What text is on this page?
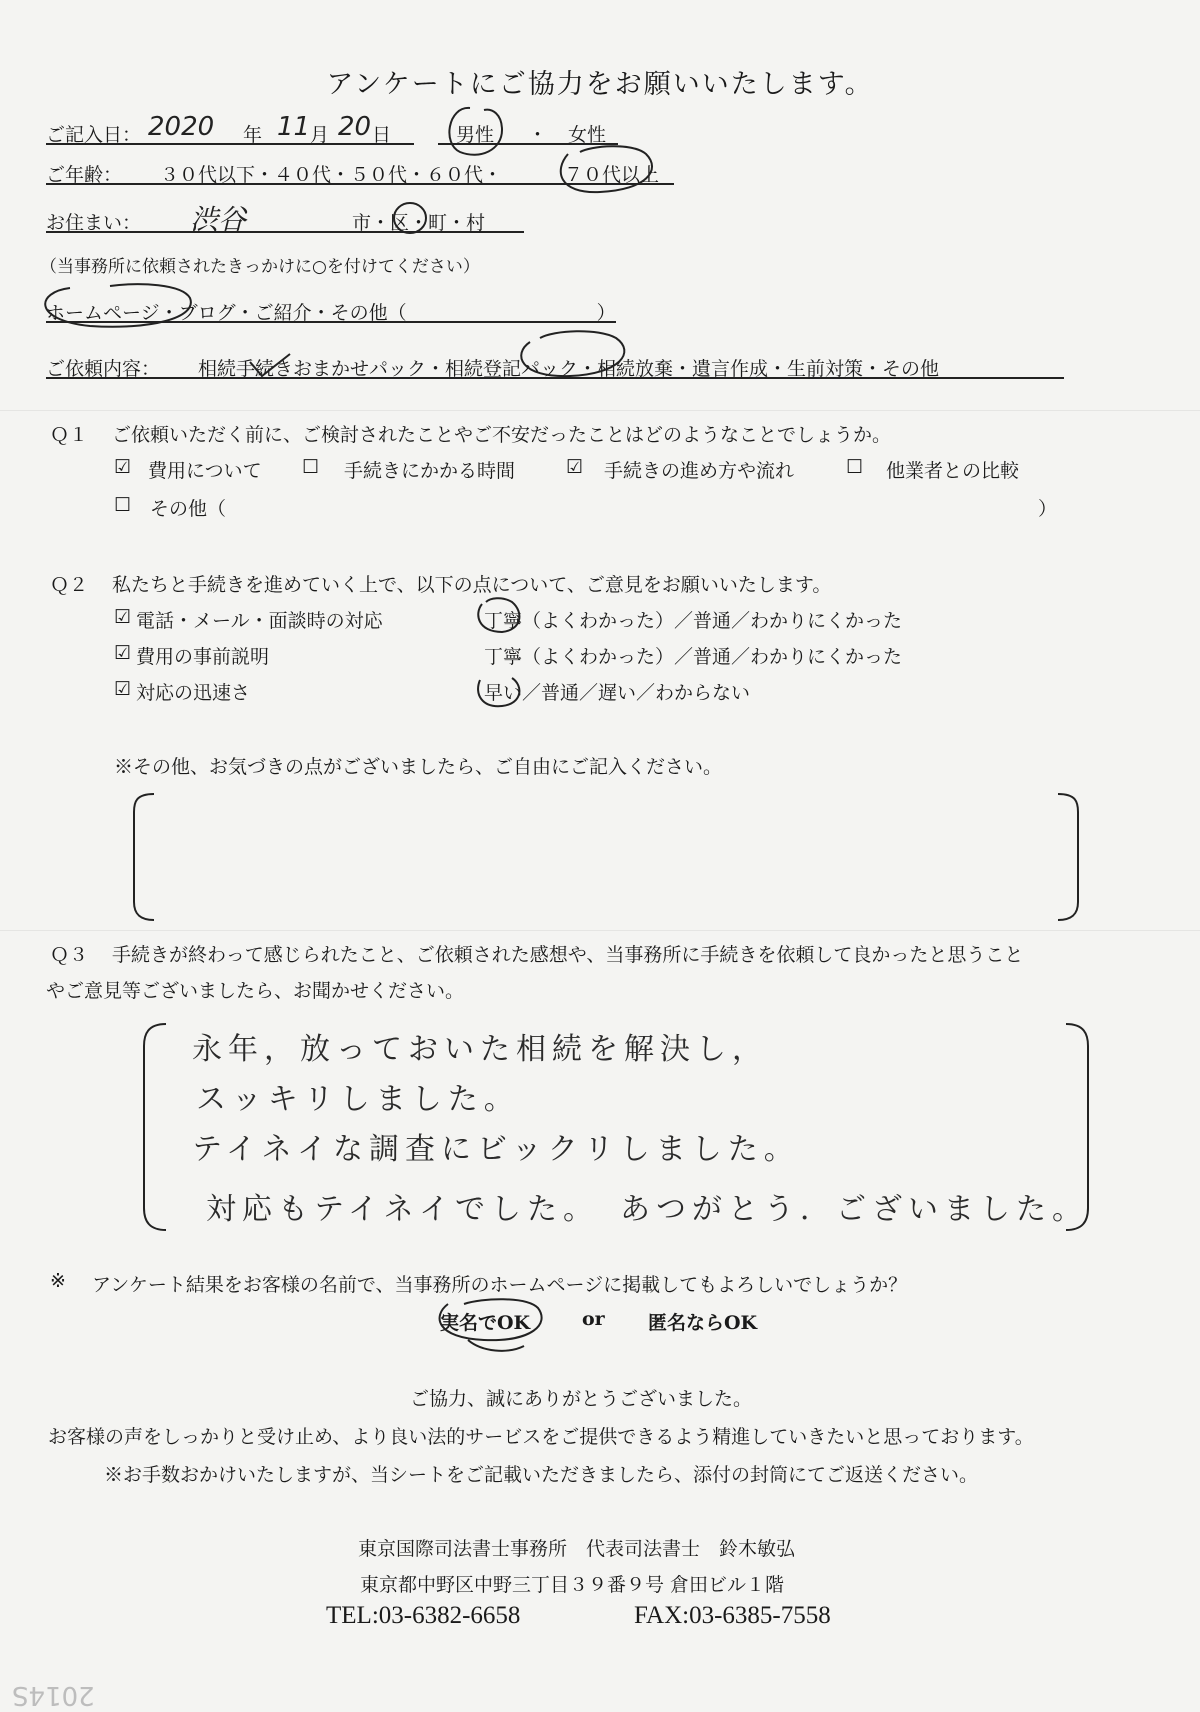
アンケートにご協力をお願いいたします。
ご記入日： 2020 年 11 月 20 日	男性 ・ 女性
ご年齢： ３０代以下・４０代・５０代・６０代・	７０代以上
お住まい： 渋谷	市・区・町・村
（当事務所に依頼されたきっかけに○を付けてください）
ホームページ・ブログ・ご紹介・その他（　　　　　　　　　　）
ご依頼内容： 相続手続きおまかせパック・相続登記パック・相続放棄・遺言作成・生前対策・その他
Ｑ１ ご依頼いただく前に、ご検討されたことやご不安だったことはどのようなことでしょうか。
☑ 費用について ☐ 手続きにかかる時間	☑ 手続きの進め方や流れ	☐ 他業者との比較
☐ その他（	）
Ｑ２ 私たちと手続きを進めていく上で、以下の点について、ご意見をお願いいたします。
☑ 電話・メール・面談時の対応	丁寧（よくわかった）／普通／わかりにくかった
☑ 費用の事前説明	丁寧（よくわかった）／普通／わかりにくかった
☑ 対応の迅速さ	早い／普通／遅い／わからない
※その他、お気づきの点がございましたら、ご自由にご記入ください。
Ｑ３ 手続きが終わって感じられたこと、ご依頼された感想や、当事務所に手続きを依頼して良かったと思うこと
やご意見等ございましたら、お聞かせください。
永年，放っておいた相続を解決し，
スッキリしました。
テイネイな調査にビックリしました。
対応もテイネイでした。　あつがとう．ございました。
※ アンケート結果をお客様の名前で、当事務所のホームページに掲載してもよろしいでしょうか？
実名でOK	or 匿名ならOK
ご協力、誠にありがとうございました。
お客様の声をしっかりと受け止め、より良い法的サービスをご提供できるよう精進していきたいと思っております。
※お手数おかけいたしますが、当シートをご記載いただきましたら、添付の封筒にてご返送ください。
東京国際司法書士事務所　代表司法書士　鈴木敏弘
東京都中野区中野三丁目３９番９号 倉田ビル１階
TEL:03-6382-6658	FAX:03-6385-7558
2014S
